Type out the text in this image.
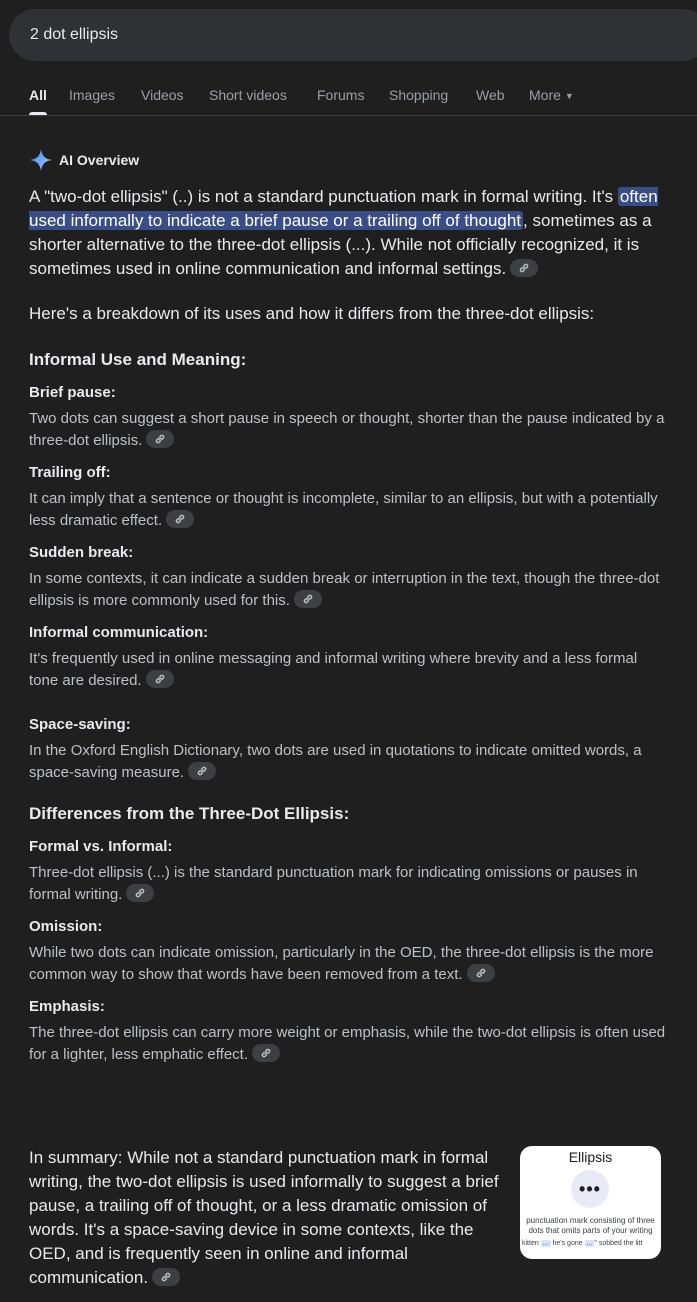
2 dot ellipsis
All Images Videos Short videos Forums Shopping Web More ▼
AI Overview

A "two-dot ellipsis" (..) is not a standard punctuation mark in formal writing. It's often used informally to indicate a brief pause or a trailing off of thought , sometimes as a shorter alternative to the three-dot ellipsis (...). While not officially recognized, it is sometimes used in online communication and informal settings.

Here's a breakdown of its uses and how it differs from the three-dot ellipsis:

Informal Use and Meaning:
Brief pause:
Two dots can suggest a short pause in speech or thought, shorter than the pause indicated by a three-dot ellipsis.
Trailing off:
It can imply that a sentence or thought is incomplete, similar to an ellipsis, but with a potentially less dramatic effect.
Sudden break:
In some contexts, it can indicate a sudden break or interruption in the text, though the three-dot ellipsis is more commonly used for this.
Informal communication:
It's frequently used in online messaging and informal writing where brevity and a less formal tone are desired.
Space-saving:
In the Oxford English Dictionary, two dots are used in quotations to indicate omitted words, a space-saving measure.
Differences from the Three-Dot Ellipsis:
Formal vs. Informal:
Three-dot ellipsis (...) is the standard punctuation mark for indicating omissions or pauses in formal writing.
Omission:
While two dots can indicate omission, particularly in the OED, the three-dot ellipsis is the more common way to show that words have been removed from a text.
Emphasis:
The three-dot ellipsis can carry more weight or emphasis, while the two-dot ellipsis is often used for a lighter, less emphatic effect.

In summary: While not a standard punctuation mark in formal writing, the two-dot ellipsis is used informally to suggest a brief pause, a trailing off of thought, or a less dramatic omission of words. It's a space-saving device in some contexts, like the OED, and is frequently seen in online and informal communication.

Ellipsis
•••
punctuation mark consisting of three dots that omits parts of your writing
kitten ... he's gone ... " sobbed the litt
